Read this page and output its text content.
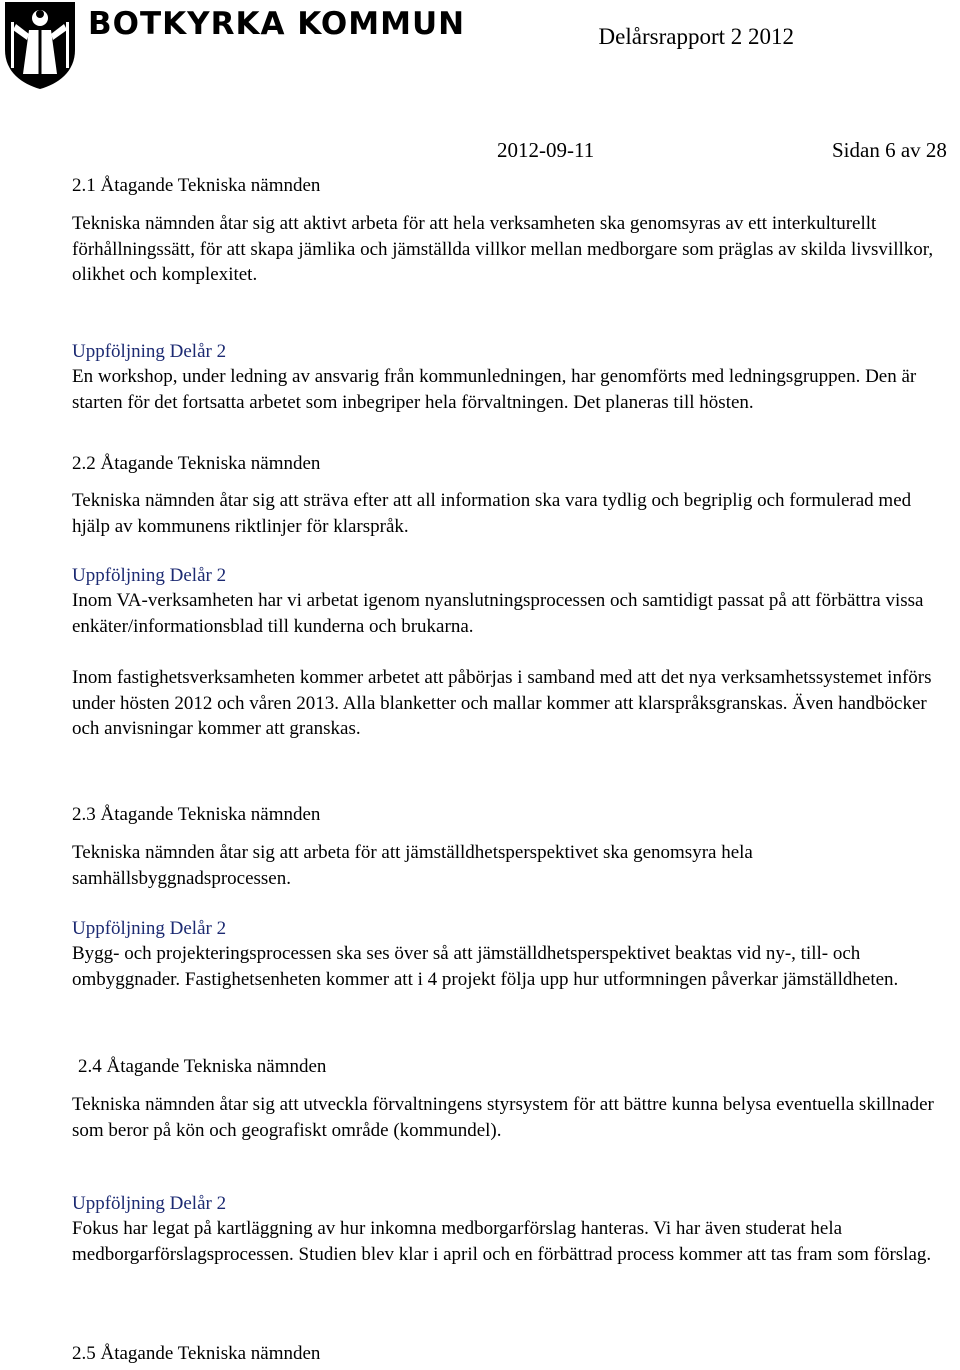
BOTKYRKA KOMMUN	Delårsrapport 2 2012
2012-09-11	Sidan 6 av 28
2.1 Åtagande Tekniska nämnden

Tekniska nämnden åtar sig att aktivt arbeta för att hela verksamheten ska genomsyras av ett interkulturellt förhållningssätt, för att skapa jämlika och jämställda villkor mellan medborgare som präglas av skilda livsvillkor, olikhet och komplexitet.

Uppföljning Delår 2

En workshop, under ledning av ansvarig från kommunledningen, har genomförts med ledningsgruppen. Den är starten för det fortsatta arbetet som inbegriper hela förvaltningen. Det planeras till hösten.

2.2 Åtagande Tekniska nämnden

Tekniska nämnden åtar sig att sträva efter att all information ska vara tydlig och begriplig och formulerad med hjälp av kommunens riktlinjer för klarspråk.

Uppföljning Delår 2

Inom VA-verksamheten har vi arbetat igenom nyanslutningsprocessen och samtidigt passat på att förbättra vissa enkäter/informationsblad till kunderna och brukarna.

Inom fastighetsverksamheten kommer arbetet att påbörjas i samband med att det nya verksamhetssystemet införs under hösten 2012 och våren 2013. Alla blanketter och mallar kommer att klarspråksgranskas. Även handböcker och anvisningar kommer att granskas.

2.3 Åtagande Tekniska nämnden

Tekniska nämnden åtar sig att arbeta för att jämställdhetsperspektivet ska genomsyra hela samhällsbyggnadsprocessen.

Uppföljning Delår 2

Bygg- och projekteringsprocessen ska ses över så att jämställdhetsperspektivet beaktas vid ny-, till- och ombyggnader. Fastighetsenheten kommer att i 4 projekt följa upp hur utformningen påverkar jämställdheten.

2.4 Åtagande Tekniska nämnden

Tekniska nämnden åtar sig att utveckla förvaltningens styrsystem för att bättre kunna belysa eventuella skillnader som beror på kön och geografiskt område (kommundel).

Uppföljning Delår 2

Fokus har legat på kartläggning av hur inkomna medborgarförslag hanteras. Vi har även studerat hela medborgarförslagsprocessen. Studien blev klar i april och en förbättrad process kommer att tas fram som förslag.

2.5 Åtagande Tekniska nämnden
